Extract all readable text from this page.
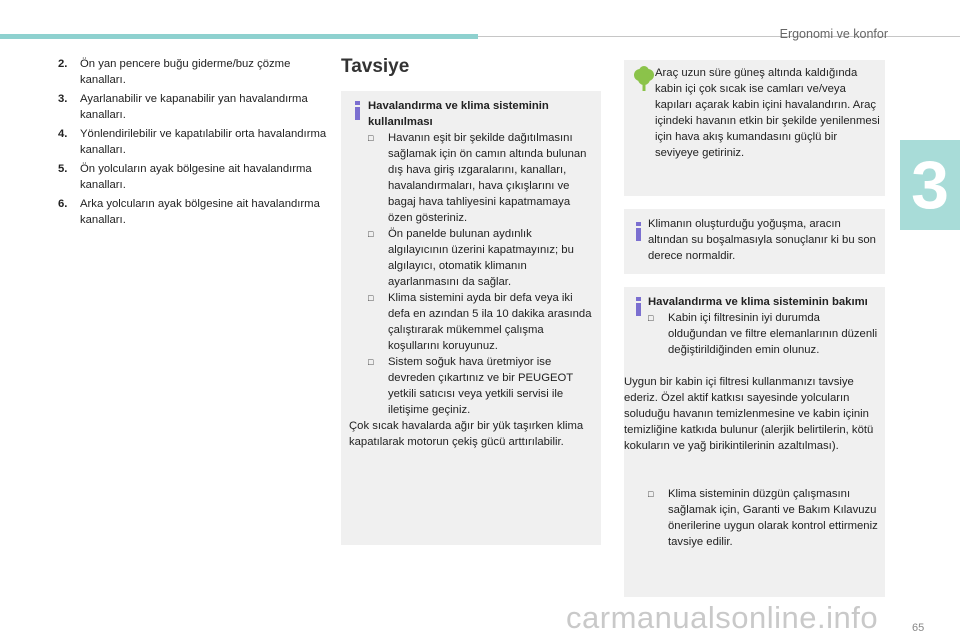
Ergonomi ve konfor
3
2. Ön yan pencere buğu giderme/buz çözme kanalları.
3. Ayarlanabilir ve kapanabilir yan havalandırma kanalları.
4. Yönlendirilebilir ve kapatılabilir orta havalandırma kanalları.
5. Ön yolcuların ayak bölgesine ait havalandırma kanalları.
6. Arka yolcuların ayak bölgesine ait havalandırma kanalları.
Tavsiye
Havalandırma ve klima sisteminin kullanılması
□ Havanın eşit bir şekilde dağıtılmasını sağlamak için ön camın altında bulunan dış hava giriş ızgaralarını, kanalları, havalandırmaları, hava çıkışlarını ve bagaj hava tahliyesini kapatmamaya özen gösteriniz.
□ Ön panelde bulunan aydınlık algılayıcının üzerini kapatmayınız; bu algılayıcı, otomatik klimanın ayarlanmasını da sağlar.
□ Klima sistemini ayda bir defa veya iki defa en azından 5 ila 10 dakika arasında çalıştırarak mükemmel çalışma koşullarını koruyunuz.
□ Sistem soğuk hava üretmiyor ise devreden çıkartınız ve bir PEUGEOT yetkili satıcısı veya yetkili servisi ile iletişime geçiniz.
Çok sıcak havalarda ağır bir yük taşırken klima kapatılarak motorun çekiş gücü arttırılabilir.
Araç uzun süre güneş altında kaldığında kabin içi çok sıcak ise camları ve/veya kapıları açarak kabin içini havalandırın. Araç içindeki havanın etkin bir şekilde yenilenmesi için hava akış kumandasını güçlü bir seviyeye getiriniz.
Klimanın oluşturduğu yoğuşma, aracın altından su boşalmasıyla sonuçlanır ki bu son derece normaldir.
Havalandırma ve klima sisteminin bakımı
□ Kabin içi filtresinin iyi durumda olduğundan ve filtre elemanlarının düzenli değiştirildiğinden emin olunuz.
Uygun bir kabin içi filtresi kullanmanızı tavsiye ederiz. Özel aktif katkısı sayesinde yolcuların soluduğu havanın temizlenmesine ve kabin içinin temizliğine katkıda bulunur (alerjik belirtilerin, kötü kokuların ve yağ birikintilerinin azaltılması).
□ Klima sisteminin düzgün çalışmasını sağlamak için, Garanti ve Bakım Kılavuzu önerilerine uygun olarak kontrol ettirmeniz tavsiye edilir.
carmanualsonline.info	65
